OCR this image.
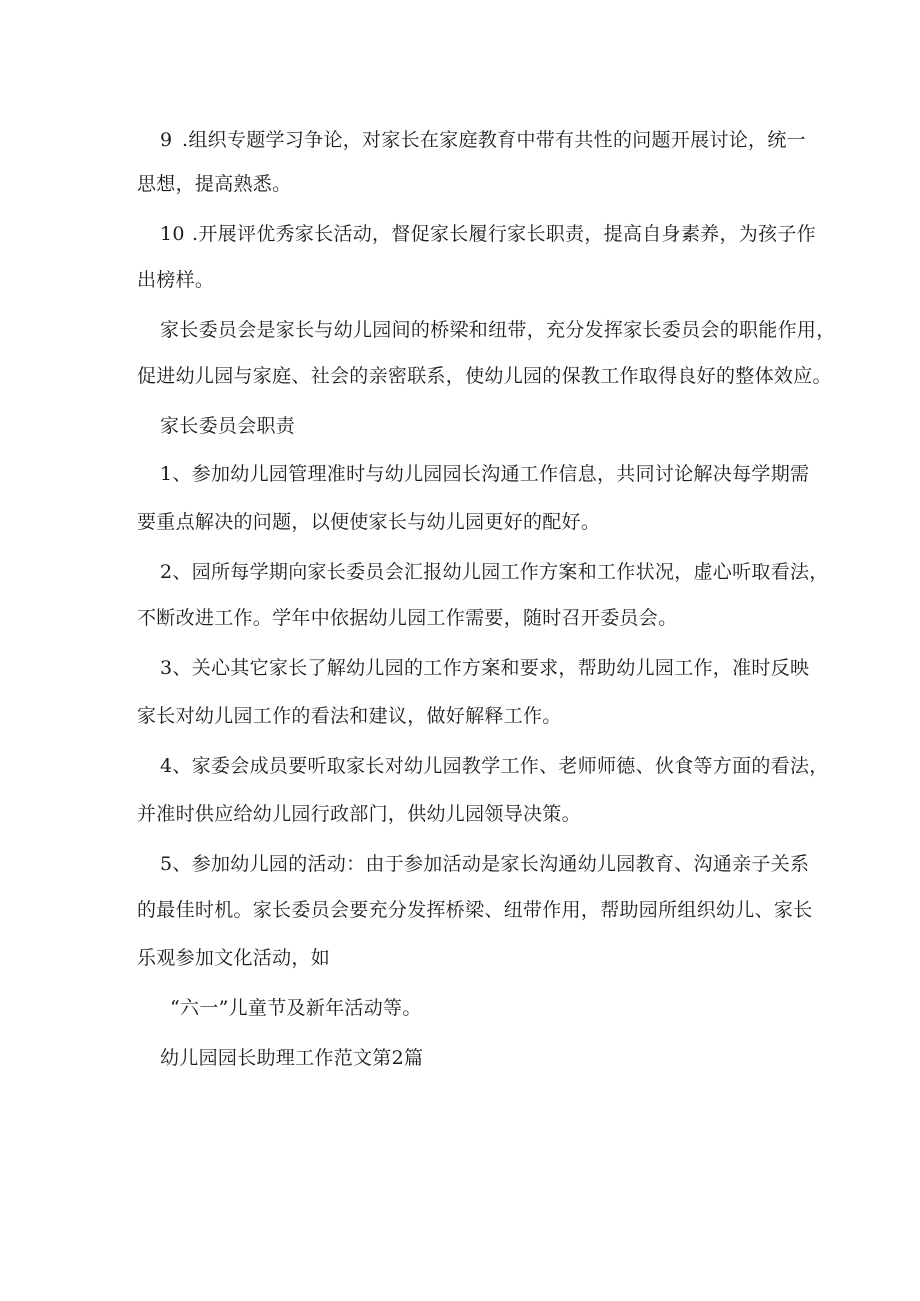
9 .组织专题学习争论，对家长在家庭教育中带有共性的问题开展讨论，统一
思想，提高熟悉。
10 .开展评优秀家长活动，督促家长履行家长职责，提高自身素养，为孩子作
出榜样。
家长委员会是家长与幼儿园间的桥梁和纽带，充分发挥家长委员会的职能作用，
促进幼儿园与家庭、社会的亲密联系，使幼儿园的保教工作取得良好的整体效应。
家长委员会职责
1、参加幼儿园管理准时与幼儿园园长沟通工作信息，共同讨论解决每学期需
要重点解决的问题，以便使家长与幼儿园更好的配好。
2、园所每学期向家长委员会汇报幼儿园工作方案和工作状况，虚心听取看法，
不断改进工作。学年中依据幼儿园工作需要，随时召开委员会。
3、关心其它家长了解幼儿园的工作方案和要求，帮助幼儿园工作，准时反映
家长对幼儿园工作的看法和建议，做好解释工作。
4、家委会成员要听取家长对幼儿园教学工作、老师师德、伙食等方面的看法，
并准时供应给幼儿园行政部门，供幼儿园领导决策。
5、参加幼儿园的活动：由于参加活动是家长沟通幼儿园教育、沟通亲子关系
的最佳时机。家长委员会要充分发挥桥梁、纽带作用，帮助园所组织幼儿、家长
乐观参加文化活动，如
“六一”儿童节及新年活动等。
幼儿园园长助理工作范文第2篇
